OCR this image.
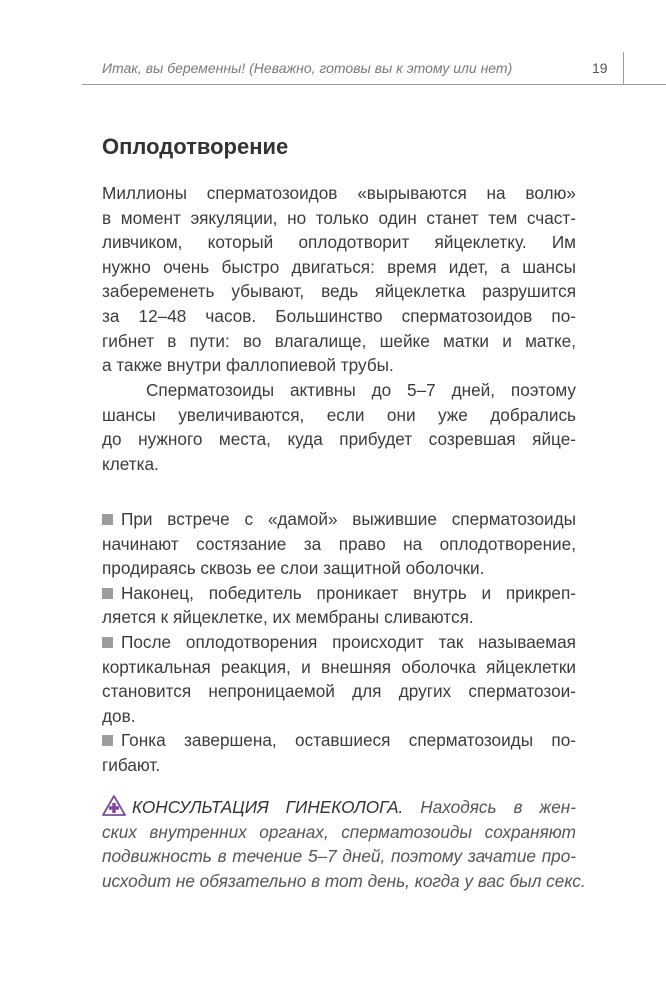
Итак, вы беременны! (Неважно, готовы вы к этому или нет)	19
Оплодотворение
Миллионы сперматозоидов «вырываются на волю»
в момент эякуляции, но только один станет тем счаст-
ливчиком, который оплодотворит яйцеклетку. Им
нужно очень быстро двигаться: время идет, а шансы
забеременеть убывают, ведь яйцеклетка разрушится
за 12–48 часов. Большинство сперматозоидов по-
гибнет в пути: во влагалище, шейке матки и матке,
а также внутри фаллопиевой трубы.
Сперматозоиды активны до 5–7 дней, поэтому
шансы увеличиваются, если они уже добрались
до нужного места, куда прибудет созревшая яйце-
клетка.
При встрече с «дамой» выжившие сперматозоиды
начинают состязание за право на оплодотворение,
продираясь сквозь ее слои защитной оболочки.
Наконец, победитель проникает внутрь и прикреп-
ляется к яйцеклетке, их мембраны сливаются.
После оплодотворения происходит так называемая
кортикальная реакция, и внешняя оболочка яйцеклетки
становится непроницаемой для других сперматозои-
дов.
Гонка завершена, оставшиеся сперматозоиды по-
гибают.
КОНСУЛЬТАЦИЯ ГИНЕКОЛОГА. Находясь в жен-
ских внутренних органах, сперматозоиды сохраняют
подвижность в течение 5–7 дней, поэтому зачатие про-
исходит не обязательно в тот день, когда у вас был секс.
